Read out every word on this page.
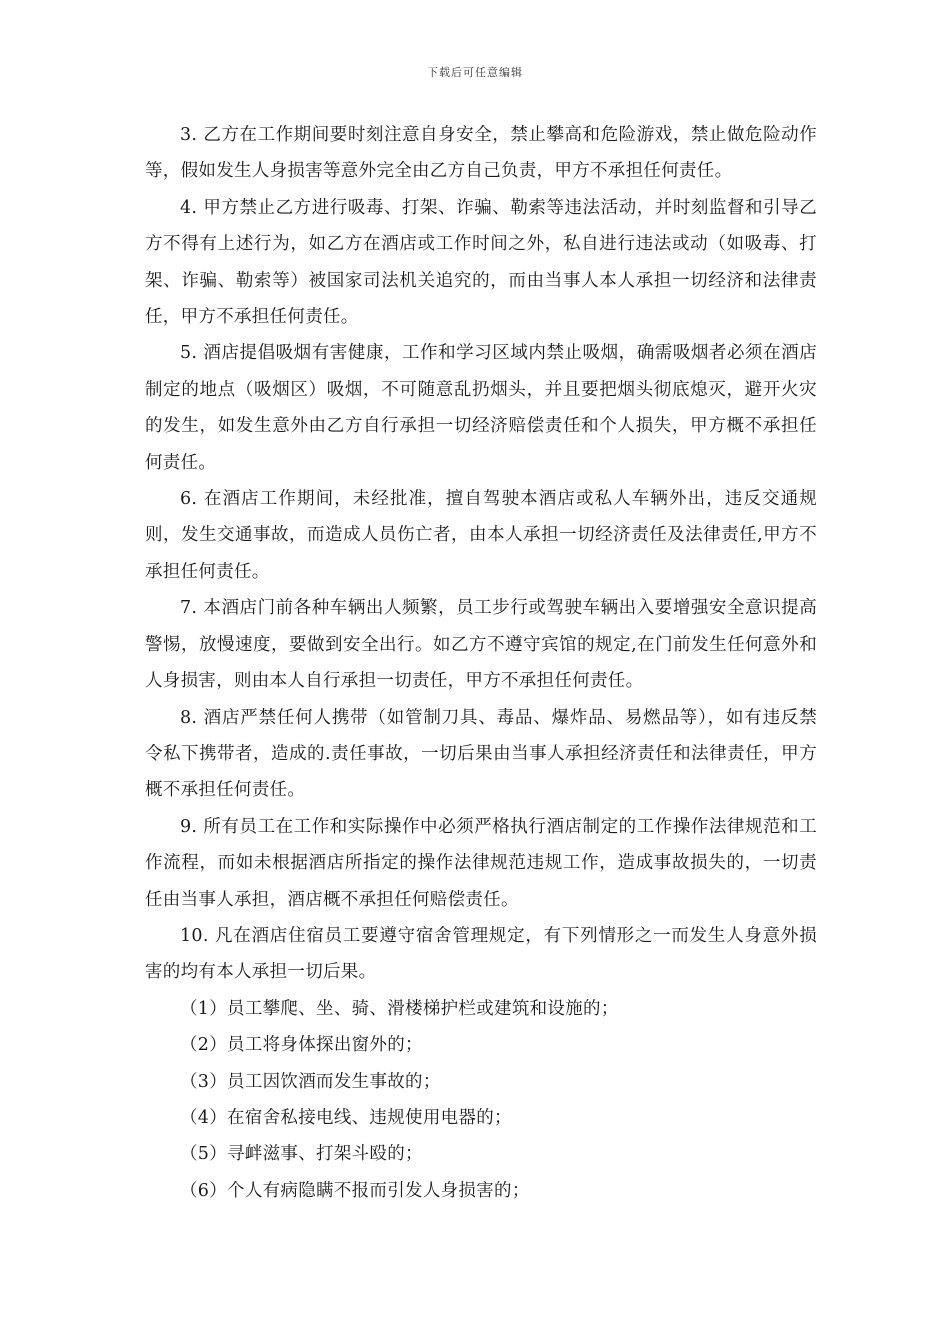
下载后可任意编辑

3. 乙方在工作期间要时刻注意自身安全，禁止攀高和危险游戏，禁止做危险动作等，假如发生人身损害等意外完全由乙方自己负责，甲方不承担任何责任。

4. 甲方禁止乙方进行吸毒、打架、诈骗、勒索等违法活动，并时刻监督和引导乙方不得有上述行为，如乙方在酒店或工作时间之外，私自进行违法或动（如吸毒、打架、诈骗、勒索等）被国家司法机关追究的，而由当事人本人承担一切经济和法律责任，甲方不承担任何责任。

5. 酒店提倡吸烟有害健康，工作和学习区域内禁止吸烟，确需吸烟者必须在酒店制定的地点（吸烟区）吸烟，不可随意乱扔烟头，并且要把烟头彻底熄灭，避开火灾的发生，如发生意外由乙方自行承担一切经济赔偿责任和个人损失，甲方概不承担任何责任。

6. 在酒店工作期间，未经批准，擅自驾驶本酒店或私人车辆外出，违反交通规则，发生交通事故，而造成人员伤亡者，由本人承担一切经济责任及法律责任,甲方不承担任何责任。

7. 本酒店门前各种车辆出人频繁，员工步行或驾驶车辆出入要增强安全意识提高警惕，放慢速度，要做到安全出行。如乙方不遵守宾馆的规定,在门前发生任何意外和人身损害，则由本人自行承担一切责任，甲方不承担任何责任。

8. 酒店严禁任何人携带（如管制刀具、毒品、爆炸品、易燃品等），如有违反禁令私下携带者，造成的.责任事故，一切后果由当事人承担经济责任和法律责任，甲方概不承担任何责任。

9. 所有员工在工作和实际操作中必须严格执行酒店制定的工作操作法律规范和工作流程，而如未根据酒店所指定的操作法律规范违规工作，造成事故损失的，一切责任由当事人承担，酒店概不承担任何赔偿责任。

10. 凡在酒店住宿员工要遵守宿舍管理规定，有下列情形之一而发生人身意外损害的均有本人承担一切后果。

（1）员工攀爬、坐、骑、滑楼梯护栏或建筑和设施的；

（2）员工将身体探出窗外的；

（3）员工因饮酒而发生事故的；

（4）在宿舍私接电线、违规使用电器的；

（5）寻衅滋事、打架斗殴的；

（6）个人有病隐瞒不报而引发人身损害的；
